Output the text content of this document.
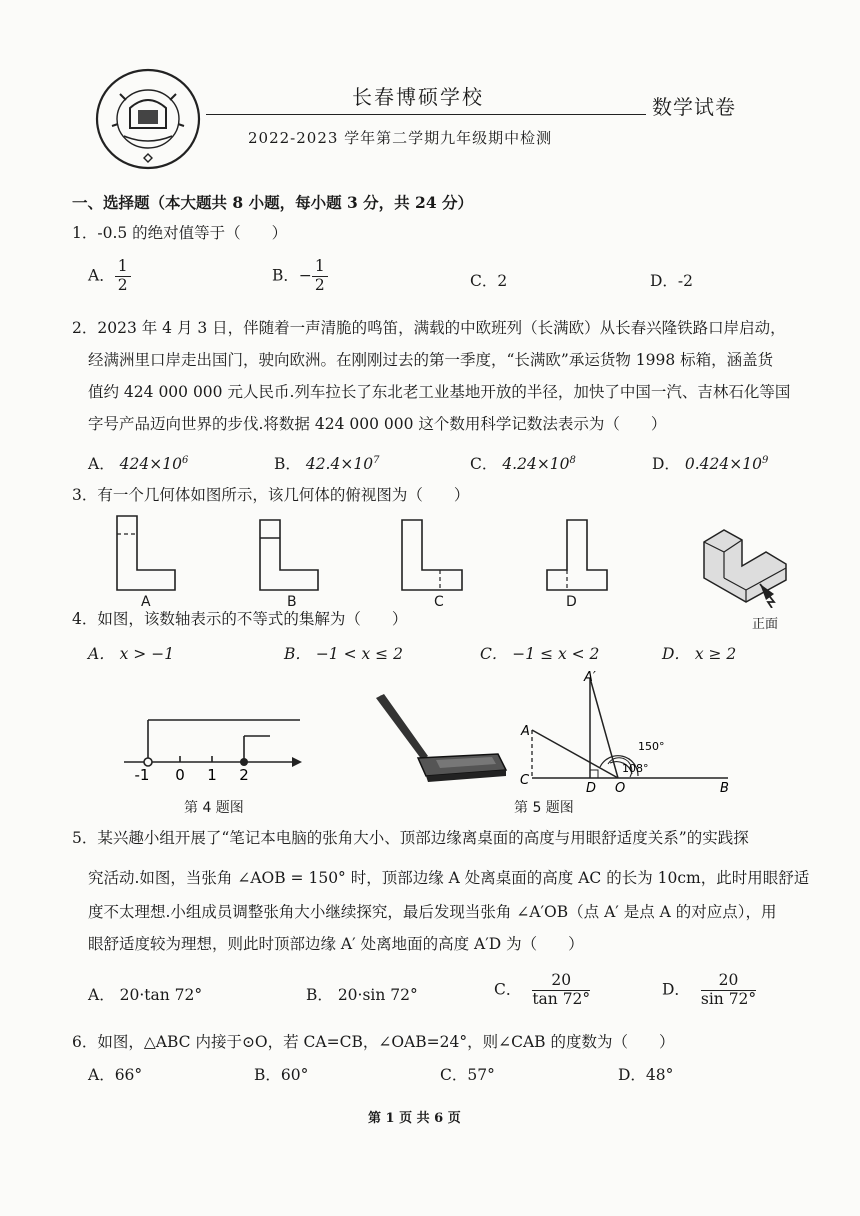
长春博硕学校	数学试卷
2022-2023 学年第二学期九年级期中检测
一、选择题（本大题共 8 小题，每小题 3 分，共 24 分）
1．-0.5 的绝对值等于（　　）
A． $\frac{1}{2}$	B．− $\frac{1}{2}$	C．2	D．-2
2．2023 年 4 月 3 日，伴随着一声清脆的鸣笛，满载的中欧班列（长满欧）从长春兴隆铁路口岸启动，
经满洲里口岸走出国门，驶向欧洲。在刚刚过去的第一季度，“长满欧”承运货物 1998 标箱，涵盖货
值约 424 000 000 元人民币.列车拉长了东北老工业基地开放的半径，加快了中国一汽、吉林石化等国
字号产品迈向世界的步伐.将数据 424 000 000 这个数用科学记数法表示为（　　）
A． $424\times 10^6$	B． $42.4\times 10^7$	C． $4.24\times 10^8$	D． $0.424\times 10^9$
3．有一个几何体如图所示，该几何体的俯视图为（　　）
A	B	C	D
正面
4．如图，该数轴表示的不等式的集解为（　　）
A． x > −1	B． −1 < x ≤ 2	C． −1 ≤ x < 2	D． x ≥ 2
-1 0 1 2
第 4 题图
A′
A
C
D O	B
150°
108°
第 5 题图
5．某兴趣小组开展了“笔记本电脑的张角大小、顶部边缘离桌面的高度与用眼舒适度关系”的实践探
究活动.如图，当张角 ∠AOB = 150° 时，顶部边缘 A 处离桌面的高度 AC 的长为 10cm，此时用眼舒适
度不太理想.小组成员调整张角大小继续探究，最后发现当张角 ∠A′OB（点 A′ 是点 A 的对应点），用
眼舒适度较为理想，则此时顶部边缘 A′ 处离地面的高度 A′D 为（　　）
A． 20·tan 72°	B． 20·sin 72°	C． $\frac{20}{\tan 72^\circ}$	D． $\frac{20}{\sin 72^\circ}$
6．如图，△ABC 内接于⊙O，若 CA=CB，∠OAB=24°，则∠CAB 的度数为（　　）
A．66°	B．60°	C．57°	D．48°
第 1 页 共 6 页
